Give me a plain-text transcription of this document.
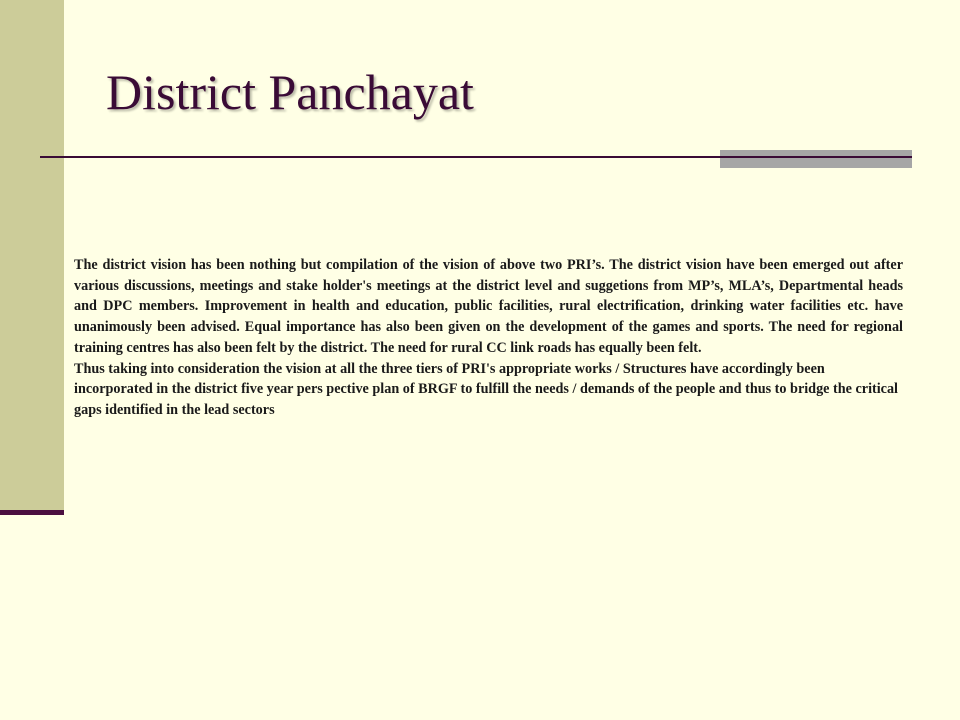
District Panchayat

The district vision has been nothing but compilation of the vision of above two PRI’s. The district vision have been emerged out after various discussions, meetings and stake holder's meetings at the district level and suggetions from MP’s, MLA’s, Departmental heads and DPC members. Improvement in health and education, public facilities, rural electrification, drinking water facilities etc. have unanimously been advised. Equal importance has also been given on the development of the games and sports. The need for regional training centres has also been felt by the district. The need for rural CC link roads has equally been felt.

Thus taking into consideration the vision at all the three tiers of PRI's appropriate works / Structures have accordingly been incorporated in the district five year pers pective plan of BRGF to fulfill the needs / demands of the people and thus to bridge the critical gaps identified in the lead sectors
